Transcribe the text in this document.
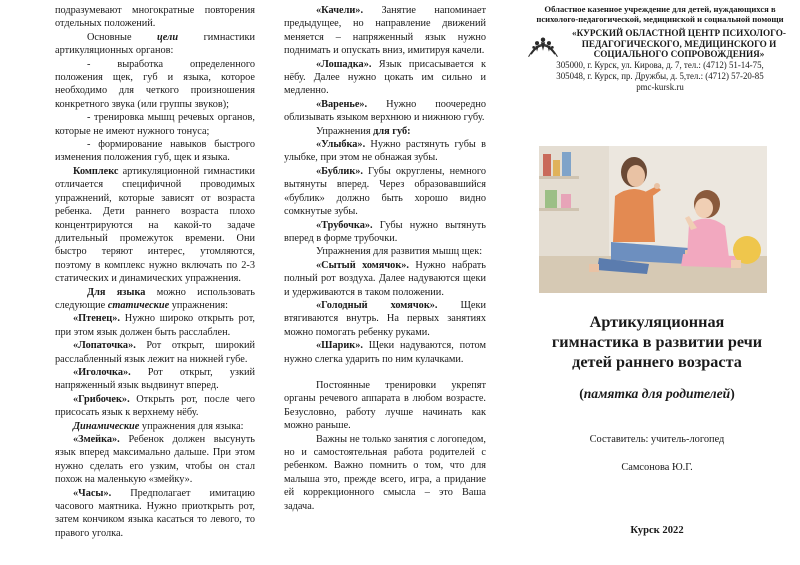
подразумевают многократные повторения отдельных положений.

Основные цели гимнастики артикуляционных органов:

- выработка определенного положения щек, губ и языка, которое необходимо для четкого произношения конкретного звука (или группы звуков);

- тренировка мышц речевых органов, которые не имеют нужного тонуса;

- формирование навыков быстрого изменения положения губ, щек и языка.

Комплекс артикуляционной гимнастики отличается специфичной проводимых упражнений, которые зависят от возраста ребенка. Дети раннего возраста плохо концентрируются на какой-то задаче длительный промежуток времени. Они быстро теряют интерес, утомляются, поэтому в комплекс нужно включать по 2-3 статических и динамических упражнения.

Для языка можно использовать следующие статические упражнения:

«Птенец». Нужно широко открыть рот, при этом язык должен быть расслаблен.

«Лопаточка». Рот открыт, широкий расслабленный язык лежит на нижней губе.

«Иголочка». Рот открыт, узкий напряженный язык выдвинут вперед.

«Грибочек». Открыть рот, после чего присосать язык к верхнему нёбу.

Динамические упражнения для языка:

«Змейка». Ребенок должен высунуть язык вперед максимально дальше. При этом нужно сделать его узким, чтобы он стал похож на маленькую «змейку».

«Часы». Предполагает имитацию часового маятника. Нужно приоткрыть рот, затем кончиком языка касаться то левого, то правого уголка.

«Качели». Занятие напоминает предыдущее, но направление движений меняется – напряженный язык нужно поднимать и опускать вниз, имитируя качели.

«Лошадка». Язык присасывается к нёбу. Далее нужно цокать им сильно и медленно.

«Варенье». Нужно поочередно облизывать языком верхнюю и нижнюю губу.

Упражнения для губ:

«Улыбка». Нужно растянуть губы в улыбке, при этом не обнажая зубы.

«Бублик». Губы округлены, немного вытянуты вперед. Через образовавшийся «бублик» должно быть хорошо видно сомкнутые зубы.

«Трубочка». Губы нужно вытянуть вперед в форме трубочки.

Упражнения для развития мышц щек:

«Сытый хомячок». Нужно набрать полный рот воздуха. Далее надуваются щеки и удерживаются в таком положении.

«Голодный хомячок». Щеки втягиваются внутрь. На первых занятиях можно помогать ребенку руками.

«Шарик». Щеки надуваются, потом нужно слегка ударить по ним кулачками.

Постоянные тренировки укрепят органы речевого аппарата в любом возрасте. Безусловно, работу лучше начинать как можно раньше.

Важны не только занятия с логопедом, но и самостоятельная работа родителей с ребенком. Важно помнить о том, что для малыша это, прежде всего, игра, а придание ей коррекционного смысла – это Ваша задача.

Областное казенное учреждение для детей, нуждающихся в психолого-педагогической, медицинской и социальной помощи

«КУРСКИЙ ОБЛАСТНОЙ ЦЕНТР ПСИХОЛОГО-ПЕДАГОГИЧЕСКОГО, МЕДИЦИНСКОГО И СОЦИАЛЬНОГО СОПРОВОЖДЕНИЯ»

305000, г. Курск, ул. Кирова, д. 7, тел.: (4712) 51-14-75,

305048, г. Курск, пр. Дружбы, д. 5,тел.: (4712) 57-20-85

pmc-kursk.ru

Артикуляционная гимнастика в развитии речи детей раннего возраста
(памятка для родителей)
Составитель: учитель-логопед
Самсонова Ю.Г.
Курск 2022
